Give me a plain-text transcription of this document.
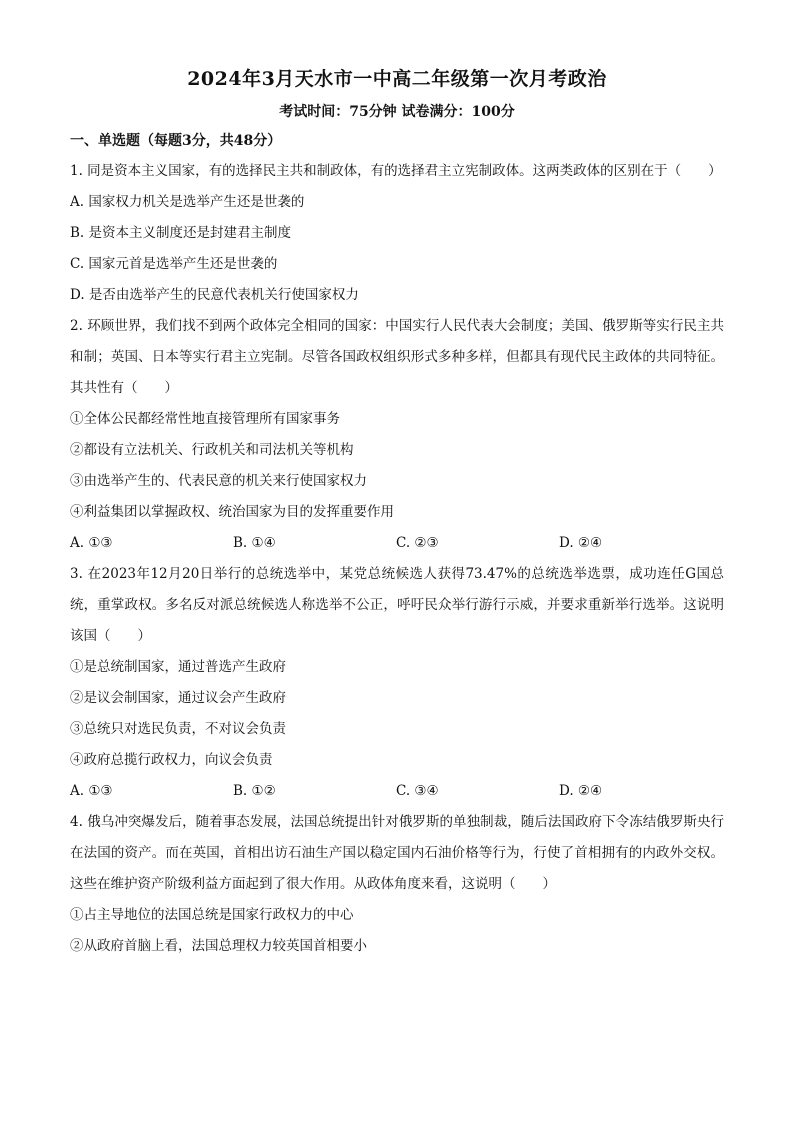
2024年3月天水市一中高二年级第一次月考政治

考试时间：75分钟 试卷满分：100分

一、单选题（每题3分，共48分）

1. 同是资本主义国家，有的选择民主共和制政体，有的选择君主立宪制政体。这两类政体的区别在于（　　）

A. 国家权力机关是选举产生还是世袭的

B. 是资本主义制度还是封建君主制度

C. 国家元首是选举产生还是世袭的

D. 是否由选举产生的民意代表机关行使国家权力

2. 环顾世界，我们找不到两个政体完全相同的国家：中国实行人民代表大会制度；美国、俄罗斯等实行民主共和制；英国、日本等实行君主立宪制。尽管各国政权组织形式多种多样，但都具有现代民主政体的共同特征。其共性有（　　）

①全体公民都经常性地直接管理所有国家事务

②都设有立法机关、行政机关和司法机关等机构

③由选举产生的、代表民意的机关来行使国家权力

④利益集团以掌握政权、统治国家为目的发挥重要作用

A. ①③	B. ①④	C. ②③	D. ②④

3. 在2023年12月20日举行的总统选举中，某党总统候选人获得73.47%的总统选举选票，成功连任G国总统，重掌政权。多名反对派总统候选人称选举不公正，呼吁民众举行游行示威，并要求重新举行选举。这说明该国（　　）

①是总统制国家，通过普选产生政府

②是议会制国家，通过议会产生政府

③总统只对选民负责，不对议会负责

④政府总揽行政权力，向议会负责

A. ①③	B. ①②	C. ③④	D. ②④

4. 俄乌冲突爆发后，随着事态发展，法国总统提出针对俄罗斯的单独制裁，随后法国政府下令冻结俄罗斯央行在法国的资产。而在英国，首相出访石油生产国以稳定国内石油价格等行为，行使了首相拥有的内政外交权。这些在维护资产阶级利益方面起到了很大作用。从政体角度来看，这说明（　　）

①占主导地位的法国总统是国家行政权力的中心

②从政府首脑上看，法国总理权力较英国首相要小
